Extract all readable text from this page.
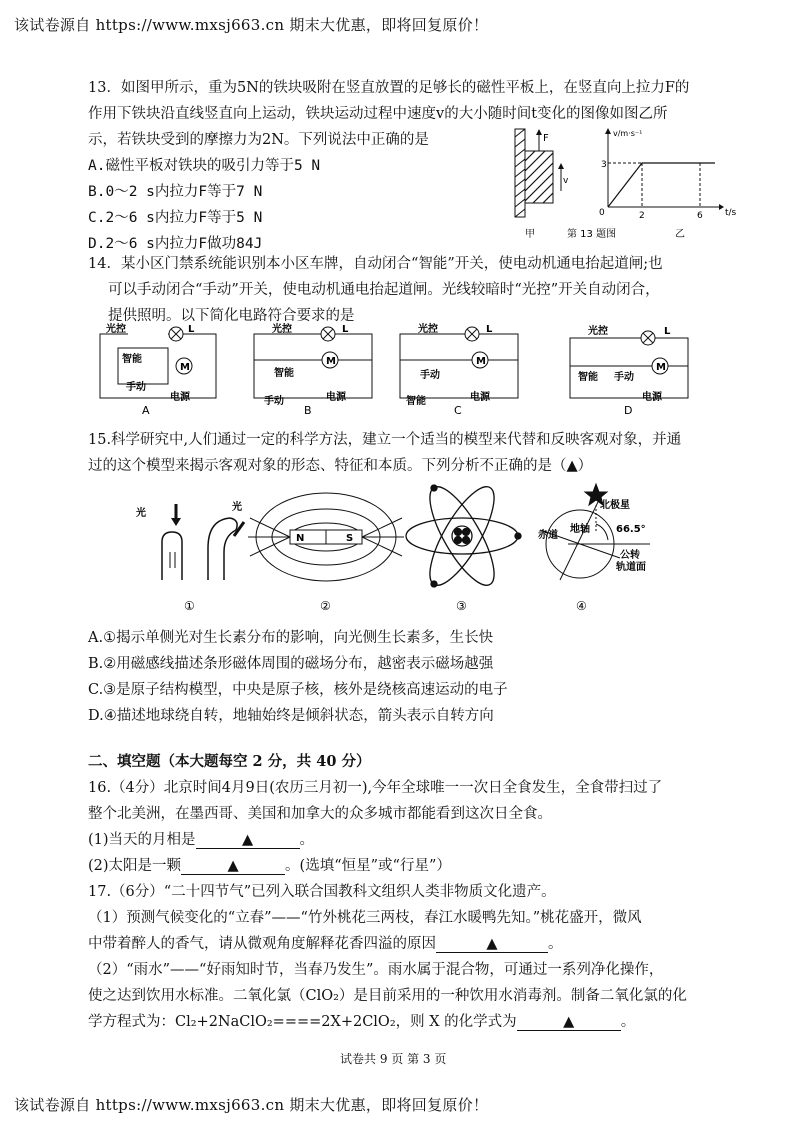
该试卷源自 https://www.mxsj663.cn 期末大优惠，即将回复原价！
13．如图甲所示，重为5N的铁块吸附在竖直放置的足够长的磁性平板上，在竖直向上拉力F的
作用下铁块沿直线竖直向上运动，铁块运动过程中速度v的大小随时间t变化的图像如图乙所
示，若铁块受到的摩擦力为2N。下列说法中正确的是
A.磁性平板对铁块的吸引力等于5 N
B.0～2 s内拉力F等于7 N
C.2～6 s内拉力F等于5 N
D.2～6 s内拉力F做功84J
F
v
v/m·s⁻¹
t/s
0
3
2	6
甲	第 13 题图	乙
14．某小区门禁系统能识别本小区车牌，自动闭合“智能”开关，使电动机通电抬起道闸;也
可以手动闭合“手动”开关，使电动机通电抬起道闸。光线较暗时“光控”开关自动闭合，
提供照明。以下简化电路符合要求的是
M
光控	L
智能
手动
电源
A
光控	L
智能
手动	电源
B
光控	L
手动
智能	电源
C
光控	L
智能 手动
电源
D
15.科学研究中,人们通过一定的科学方法，建立一个适当的模型来代替和反映客观对象，并通
过的这个模型来揭示客观对象的形态、特征和本质。下列分析不正确的是（▲）
光
光
①
N	S
②	③
北极星
66.5°
赤道
地轴
公转
轨道面
④
A.①揭示单侧光对生长素分布的影响，向光侧生长素多，生长快
B.②用磁感线描述条形磁体周围的磁场分布，越密表示磁场越强
C.③是原子结构模型，中央是原子核，核外是绕核高速运动的电子
D.④描述地球绕自转，地轴始终是倾斜状态，箭头表示自转方向
二、填空题（本大题每空 2 分，共 40 分）
16.（4分）北京时间4月9日(农历三月初一),今年全球唯一一次日全食发生，全食带扫过了
整个北美洲，在墨西哥、美国和加拿大的众多城市都能看到这次日全食。
(1)当天的月相是	▲	。
(2)太阳是一颗	▲	。(选填“恒星”或“行星”）
17.（6分）“二十四节气”已列入联合国教科文组织人类非物质文化遗产。
（1）预测气候变化的“立春”——“竹外桃花三两枝，春江水暖鸭先知。”桃花盛开，微风
中带着醉人的香气，请从微观角度解释花香四溢的原因	▲	。
（2）“雨水”——“好雨知时节，当春乃发生”。雨水属于混合物，可通过一系列净化操作，
使之达到饮用水标准。二氧化氯（ClO₂）是目前采用的一种饮用水消毒剂。制备二氧化氯的化
学方程式为：Cl₂+2NaClO₂====2X+2ClO₂，则 X 的化学式为	▲	。
试卷共 9 页 第 3 页
该试卷源自 https://www.mxsj663.cn 期末大优惠，即将回复原价！
